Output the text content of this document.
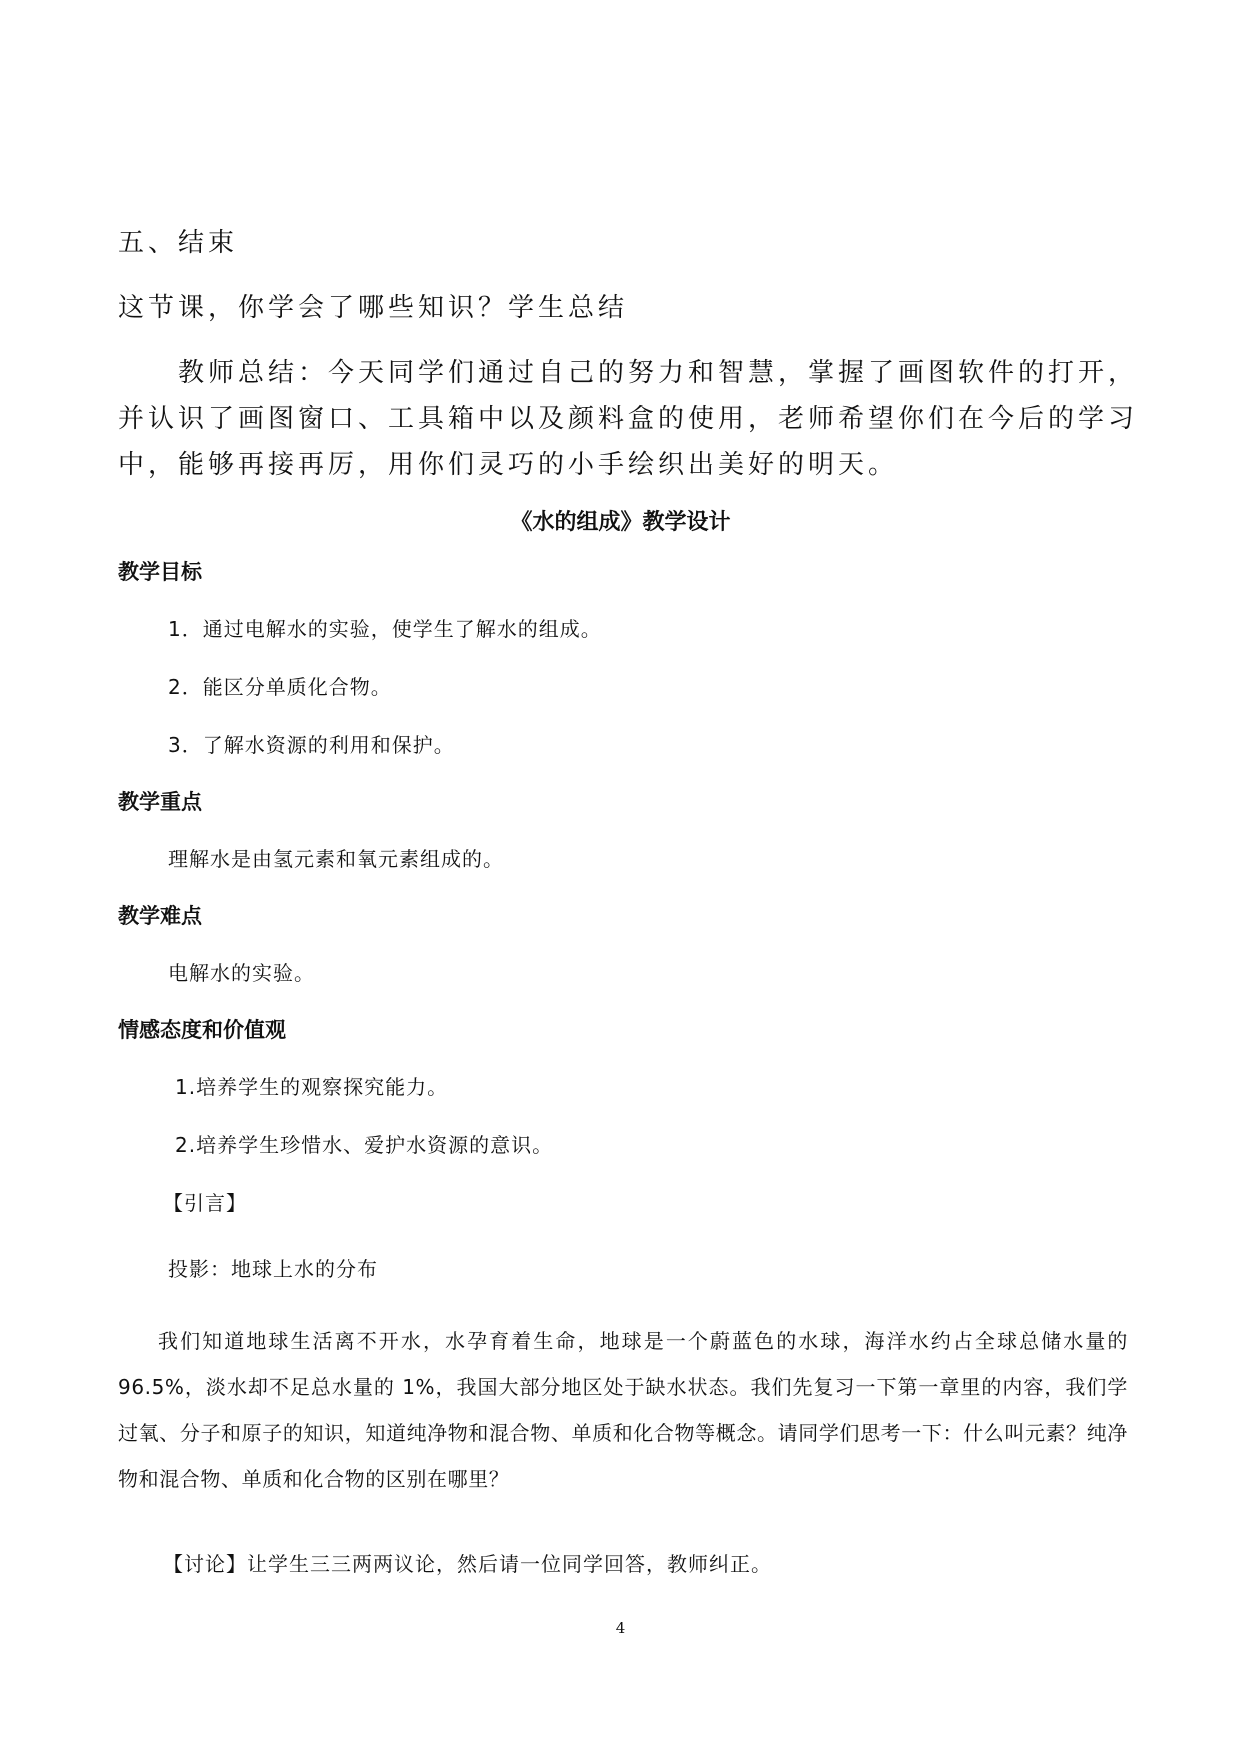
五、结束

这节课，你学会了哪些知识？学生总结

教师总结：今天同学们通过自己的努力和智慧，掌握了画图软件的打开，

并认识了画图窗口、工具箱中以及颜料盒的使用，老师希望你们在今后的学习

中，能够再接再厉，用你们灵巧的小手绘织出美好的明天。

《水的组成》教学设计

教学目标

1．通过电解水的实验，使学生了解水的组成。

2．能区分单质化合物。

3．了解水资源的利用和保护。

教学重点

理解水是由氢元素和氧元素组成的。

教学难点

电解水的实验。

情感态度和价值观

1.培养学生的观察探究能力。

2.培养学生珍惜水、爱护水资源的意识。

【引言】

投影：地球上水的分布

我们知道地球生活离不开水，水孕育着生命，地球是一个蔚蓝色的水球，海洋水约占全球总储水量的 96.5%，淡水却不足总水量的 1%，我国大部分地区处于缺水状态。我们先复习一下第一章里的内容，我们学过氧、分子和原子的知识，知道纯净物和混合物、单质和化合物等概念。请同学们思考一下：什么叫元素？纯净物和混合物、单质和化合物的区别在哪里？

【讨论】让学生三三两两议论，然后请一位同学回答，教师纠正。

4
